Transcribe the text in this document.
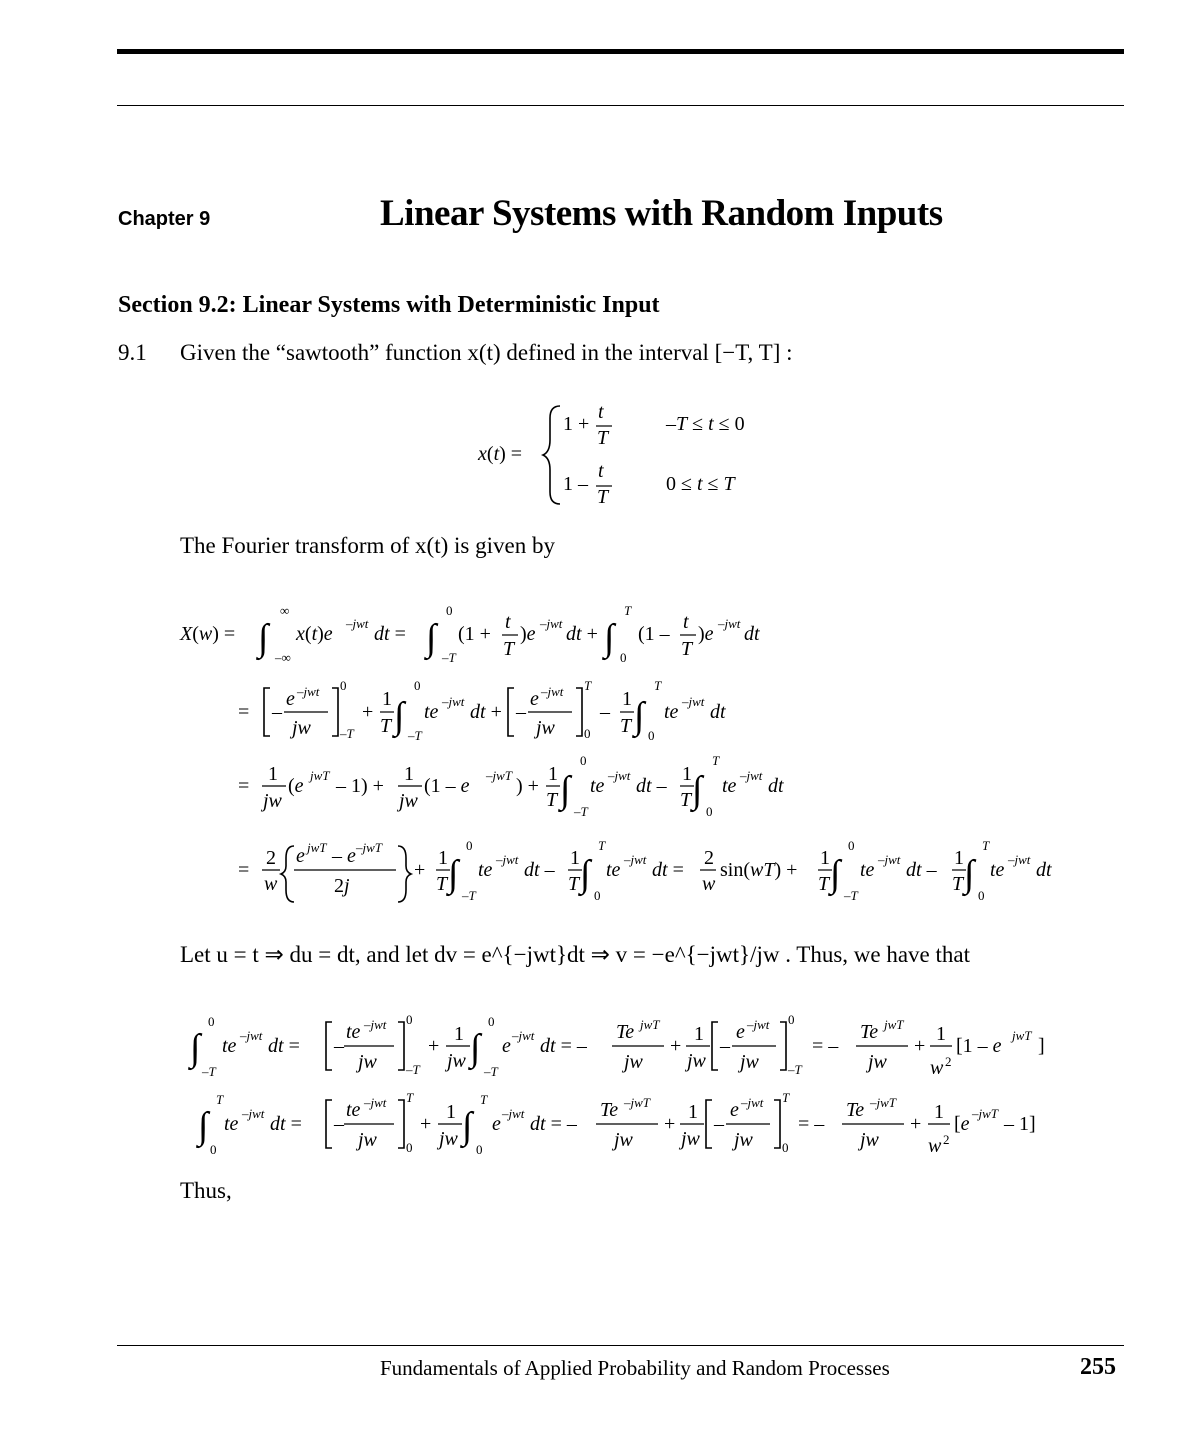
Chapter 9	Linear Systems with Random Inputs
Section 9.2: Linear Systems with Deterministic Input
9.1 Given the “sawtooth” function x(t) defined in the interval [−T, T] :
The Fourier transform of x(t) is given by
Let u = t ⇒ du = dt, and let dv = e^{−jwt}dt ⇒ v = −e^{−jwt}/jw . Thus, we have that
Thus,
x(t) =
1 +
t
T
–T ≤ t ≤ 0
1 –
t
T
0 ≤ t ≤ T
X(w) = ∫
∞
–∞
x(t)e –jwt dt = ∫
0
–T
(1 +
t
T
)e –jwt dt + ∫
T
0
(1 –
t
T
)e –jwt dt
= –
e –jwt
jw
0
–T
+
1
T ∫
0
–T
te –jwt dt + –
e –jwt
jw
T
0
–
1
T ∫
T
0
te –jwt dt
=
1
jw
(e jwT – 1) +
1
jw
(1 – e –jwT ) +
1
T ∫
0
–T
te –jwt dt –
1
T ∫
T
0
te –jwt dt
=
2
w
e jwT – e –jwT
2j
+
1
T ∫
0
–T
te –jwt dt –
1
T ∫
T
0
te –jwt dt =
2
w
sin(wT) +
1
T ∫
0
–T
te –jwt dt –
1
T ∫
T
0
te –jwt dt
∫
0
–T
te –jwt dt = –
te –jwt
jw
0
–T
+
1
jw ∫
0
–T
e –jwt dt = –
Te jwT
jw
+
1
jw
–
e –jwt
jw
0
–T
= –
Te jwT
jw
+
1
w 2
[1 – e jwT ]
∫
T
0
te –jwt dt = –
te –jwt
jw
T
0
+
1
jw ∫
T
0
e –jwt dt = –
Te –jwT
jw
+
1
jw
–
e –jwt
jw
T
0
= –
Te –jwT
jw
+
1
w 2
[e –jwT – 1]
Fundamentals of Applied Probability and Random Processes	255
